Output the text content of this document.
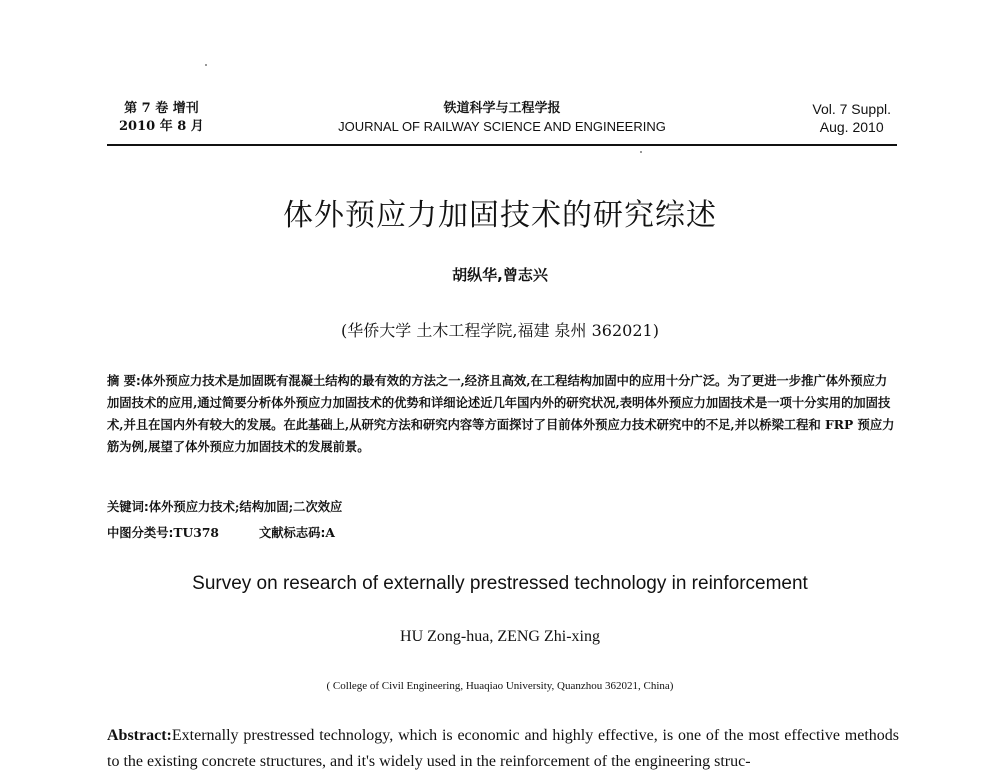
第 7 卷 增刊
2010 年 8 月
铁道科学与工程学报
JOURNAL OF RAILWAY SCIENCE AND ENGINEERING
Vol. 7 Suppl.
Aug. 2010
体外预应力加固技术的研究综述
胡纵华,曾志兴
(华侨大学 土木工程学院,福建 泉州 362021)
摘 要:体外预应力技术是加固既有混凝土结构的最有效的方法之一,经济且高效,在工程结构加固中的应用十分广泛。为了更进一步推广体外预应力加固技术的应用,通过简要分析体外预应力加固技术的优势和详细论述近几年国内外的研究状况,表明体外预应力加固技术是一项十分实用的加固技术,并且在国内外有较大的发展。在此基础上,从研究方法和研究内容等方面探讨了目前体外预应力技术研究中的不足,并以桥梁工程和 FRP 预应力筋为例,展望了体外预应力加固技术的发展前景。
关键词:体外预应力技术;结构加固;二次效应
中图分类号:TU378	文献标志码:A
Survey on research of externally prestressed technology in reinforcement
HU Zong-hua, ZENG Zhi-xing
( College of Civil Engineering, Huaqiao University, Quanzhou 362021, China)
Abstract:Externally prestressed technology, which is economic and highly effective, is one of the most effective methods to the existing concrete structures, and it's widely used in the reinforcement of the engineering struc-
